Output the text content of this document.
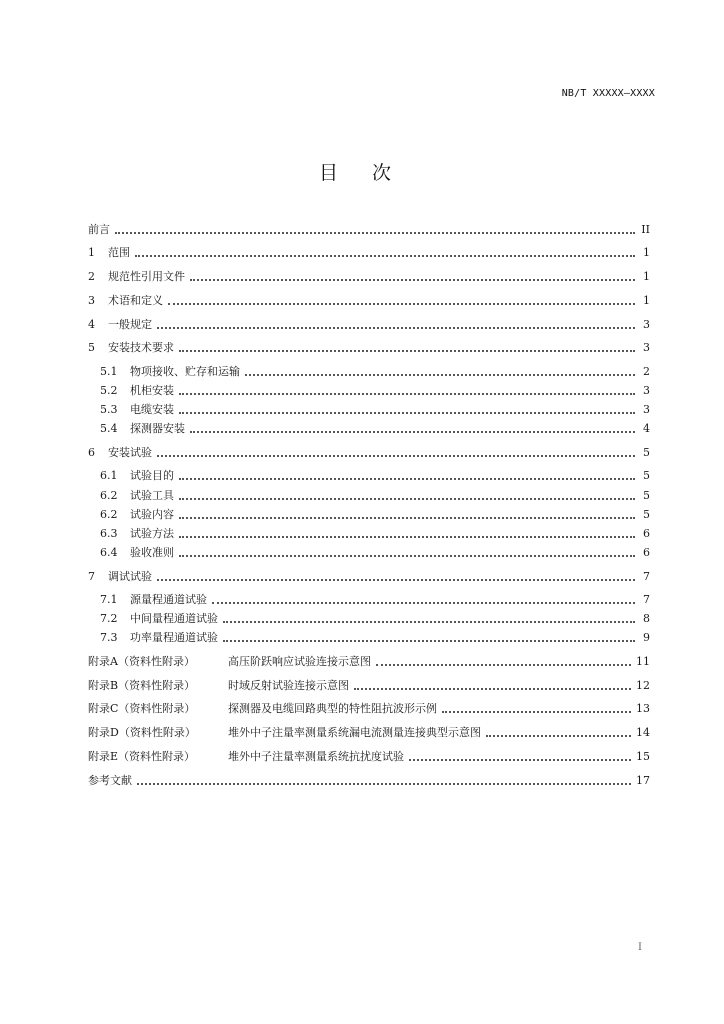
NB/T XXXXX—XXXX
目 次
前言	II
1	范围	1
2	规范性引用文件	1
3	术语和定义	1
4	一般规定	3
5	安装技术要求	3
5.1	物项接收、贮存和运输	2
5.2	机柜安装	3
5.3	电缆安装	3
5.4	探测器安装	4
6	安装试验	5
6.1	试验目的	5
6.2	试验工具	5
6.2	试验内容	5
6.3	试验方法	6
6.4	验收准则	6
7	调试试验	7
7.1	源量程通道试验	7
7.2	中间量程通道试验	8
7.3	功率量程通道试验	9
附录A（资料性附录）	高压阶跃响应试验连接示意图	11
附录B（资料性附录）	时域反射试验连接示意图	12
附录C（资料性附录）	探测器及电缆回路典型的特性阻抗波形示例	13
附录D（资料性附录）	堆外中子注量率测量系统漏电流测量连接典型示意图	14
附录E（资料性附录）	堆外中子注量率测量系统抗扰度试验	15
参考文献	17
I
